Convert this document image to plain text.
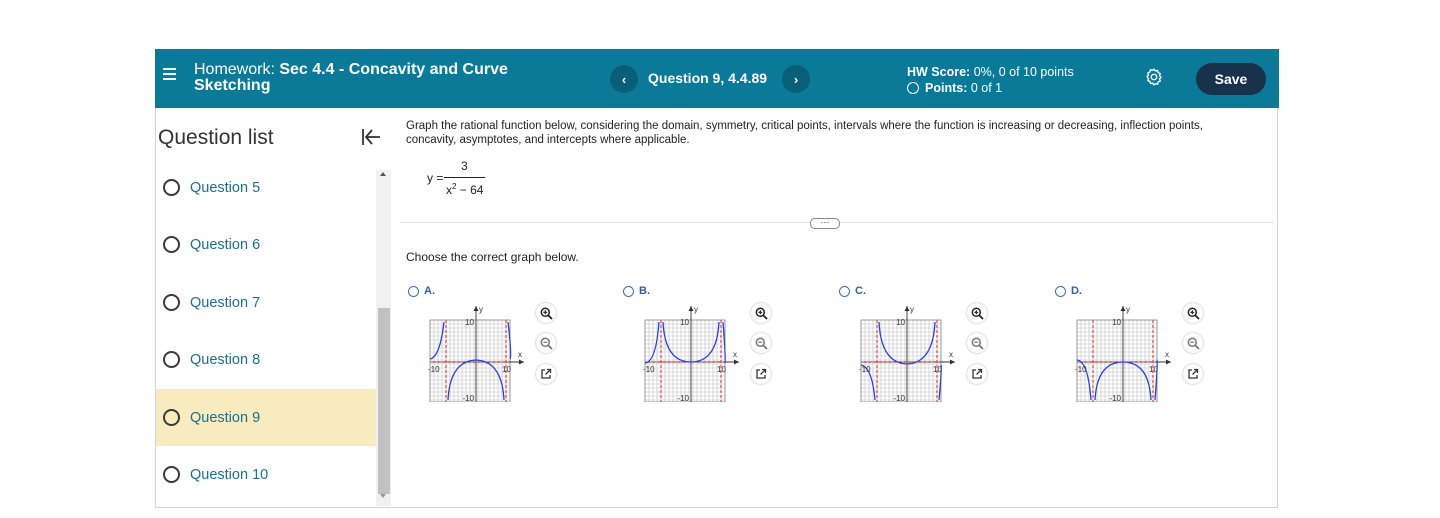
Homework: Sec 4.4 - Concavity and Curve Sketching	‹	Question 9, 4.4.89	›	HW Score: 0%, 0 of 10 points
Points: 0 of 1
Save
Question list
Question 5
Question 6
Question 7
Question 8
Question 9
Question 10
Graph the rational function below, considering the domain, symmetry, critical points, intervals where the function is increasing or decreasing, inflection points, concavity, asymptotes, and intercepts where applicable.
y =
3
$x^2 - 64$
···
Choose the correct graph below.
A.
y
x
10
-10
-10	10
B.
y
x
10
-10
-10	10
C.
y
x
10
-10
-10	10
D.
y
x
10
-10
-10	10
